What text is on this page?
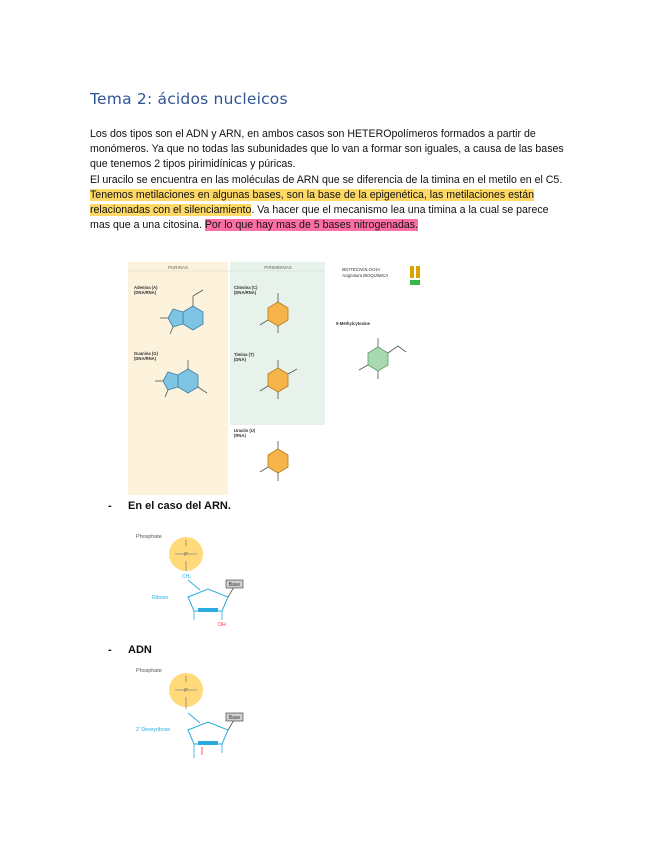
Tema 2: ácidos nucleicos

Los dos tipos son el ADN y ARN, en ambos casos son HETEROpolímeros formados a partir de monómeros. Ya que no todas las subunidades que lo van a formar son iguales, a causa de las bases que tenemos 2 tipos pirimidínicas y púricas.

El uracilo se encuentra en las moléculas de ARN que se diferencia de la timina en el metilo en el C5. Tenemos metilaciones en algunas bases, son la base de la epigenética, las metilaciones están relacionadas con el silenciamiento. Va hacer que el mecanismo lea una timina a la cual se parece mas que a una citosina. Por lo que hay mas de 5 bases nitrogenadas.

PURINAS	PIRIMIDINAS
Adenina (A)
(DNA/RNA)
Guanina (G)
(DNA/RNA)
Citosina (C)
(DNA/RNA)
Timina (T)
(DNA)
Uracilo (U)
(RNA)
BIOTECNOLOGÍA
Asignatura BIOQUÍMICA
5-Methylcytosine
- En el caso del ARN.
Phosphate
P
CH₂
Ribose
OH
Base
- ADN
Phosphate
P
2' Deoxyribose
Base
